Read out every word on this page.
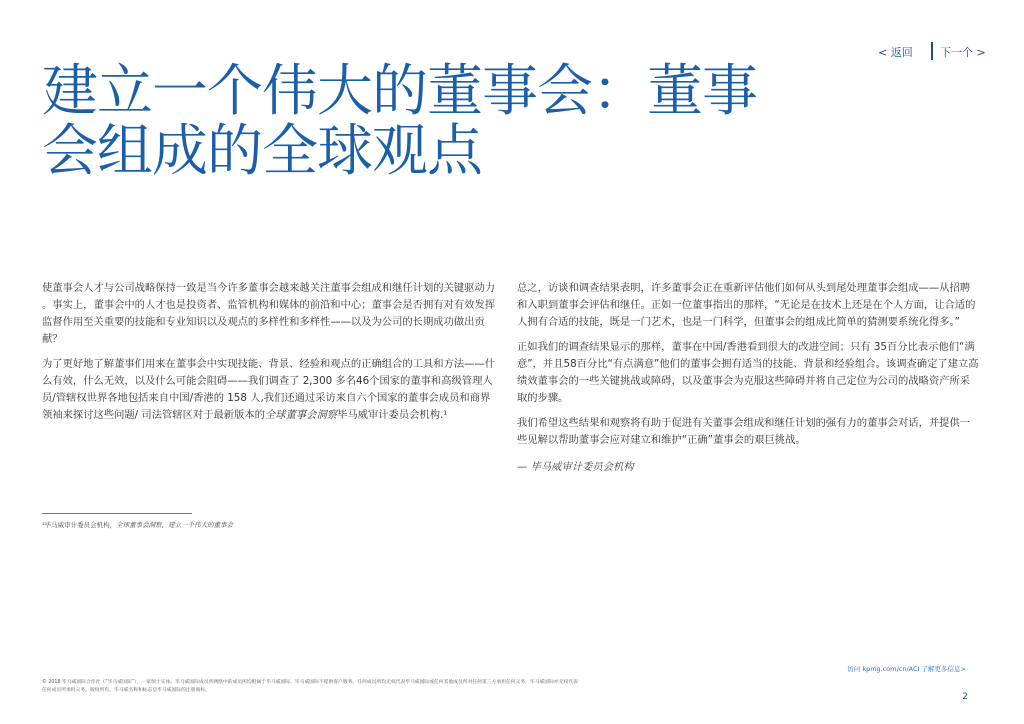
< 返回 下一个 >
建立一个伟大的董事会：董事会组成的全球观点

使董事会人才与公司战略保持一致是当今许多董事会越来越关注董事会组成和继任计划的关键驱动力 。事实上，董事会中的人才也是投资者、监管机构和媒体的前沿和中心；董事会是否拥有对有效发挥监督作用至关重要的技能和专业知识以及观点的多样性和多样性——以及为公司的长期成功做出贡献？

为了更好地了解董事们用来在董事会中实现技能、背景、经验和观点的正确组合的工具和方法——什么有效，什么无效，以及什么可能会阻碍——我们调查了 2,300 多名46个国家的董事和高级管理人员/管辖权世界各地包括来自中国/香港的 158 人,我们还通过采访来自六个国家的董事会成员和商界领袖来探讨这些问题/ 司法管辖区对于最新版本的全球董事会洞察毕马威审计委员会机构.¹

总之，访谈和调查结果表明，许多董事会正在重新评估他们如何从头到尾处理董事会组成——从招聘和入职到董事会评估和继任。正如一位董事指出的那样，“无论是在技术上还是在个人方面，让合适的人拥有合适的技能，既是一门艺术，也是一门科学，但董事会的组成比简单的猜测要系统化得多。”

正如我们的调查结果显示的那样，董事在中国/香港看到很大的改进空间；只有 35百分比表示他们“满意”，并且58百分比“有点满意”他们的董事会拥有适当的技能、背景和经验组合。该调查确定了建立高绩效董事会的一些关键挑战或障碍，以及董事会为克服这些障碍并将自己定位为公司的战略资产所采取的步骤。

我们希望这些结果和观察将有助于促进有关董事会组成和继任计划的强有力的董事会对话，并提供一些见解以帮助董事会应对建立和维护“正确”董事会的艰巨挑战。

— 毕马威审计委员会机构

¹毕马威审计委员会机构，全球董事会洞察，建立一个伟大的董事会
访问 kpmg.com/cn/ACI 了解更多信息>
© 2018 毕马威国际合作社（“毕马威国际”），一家瑞士实体。毕马威国际成员所网络中的成员所均附属于毕马威国际。毕马威国际不提供客户服务。任何成员所均无权代表毕马威国际或任何其他成员所对任何第三方承担任何义务，毕马威国际亦无权代表任何成员所承担义务。版权所有。毕马威名称和标志是毕马威国际的注册商标。
2
